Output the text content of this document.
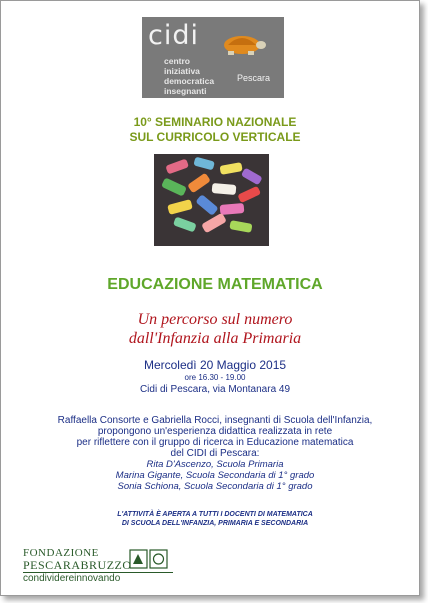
cidi
centro
iniziativa
democratica
insegnanti
Pescara
10° SEMINARIO NAZIONALE
SUL CURRICOLO VERTICALE
EDUCAZIONE MATEMATICA
Un percorso sul numero
dall'Infanzia alla Primaria
Mercoledì 20 Maggio 2015
ore 16.30 - 19.00
Cidi di Pescara, via Montanara 49
Raffaella Consorte e Gabriella Rocci, insegnanti di Scuola dell'Infanzia,
propongono un'esperienza didattica realizzata in rete
per riflettere con il gruppo di ricerca in Educazione matematica
del CIDI di Pescara:
Rita D'Ascenzo, Scuola Primaria
Marina Gigante, Scuola Secondaria di 1° grado
Sonia Schiona, Scuola Secondaria di 1° grado
L'ATTIVITÀ È APERTA A TUTTI I DOCENTI DI MATEMATICA
DI SCUOLA DELL'INFANZIA, PRIMARIA E SECONDARIA
FONDAZIONE
PESCARABRUZZO
condividereinnovando
